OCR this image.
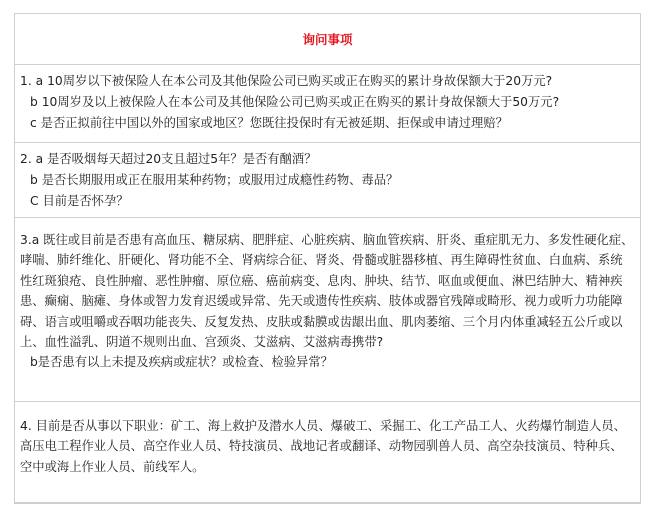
询问事项
1. a 10周岁以下被保险人在本公司及其他保险公司已购买或正在购买的累计身故保额大于20万元?
b 10周岁及以上被保险人在本公司及其他保险公司已购买或正在购买的累计身故保额大于50万元?
c 是否正拟前往中国以外的国家或地区？您既往投保时有无被延期、拒保或申请过理赔？
2. a 是否吸烟每天超过20支且超过5年？是否有酗酒？
b 是否长期服用或正在服用某种药物；或服用过成瘾性药物、毒品？
C 目前是否怀孕？
3.a 既往或目前是否患有高血压、糖尿病、肥胖症、心脏疾病、脑血管疾病、肝炎、重症肌无力、多发性硬化症、哮喘、肺纤维化、肝硬化、肾功能不全、肾病综合征、肾炎、骨髓或脏器移植、再生障碍性贫血、白血病、系统性红斑狼疮、良性肿瘤、恶性肿瘤、原位癌、癌前病变、息肉、肿块、结节、呕血或便血、淋巴结肿大、精神疾患、癫痫、脑瘫、身体或智力发育迟缓或异常、先天或遗传性疾病、肢体或器官残障或畸形、视力或听力功能障碍、语言或咀嚼或吞咽功能丧失、反复发热、皮肤或黏膜或齿龈出血、肌肉萎缩、三个月内体重减轻五公斤或以上、血性溢乳、阴道不规则出血、宫颈炎、艾滋病、艾滋病毒携带?
b是否患有以上未提及疾病或症状？或检查、检验异常？
4. 目前是否从事以下职业：矿工、海上救护及潜水人员、爆破工、采掘工、化工产品工人、火药爆竹制造人员、高压电工程作业人员、高空作业人员、特技演员、战地记者或翻译、动物园驯兽人员、高空杂技演员、特种兵、空中或海上作业人员、前线军人。
